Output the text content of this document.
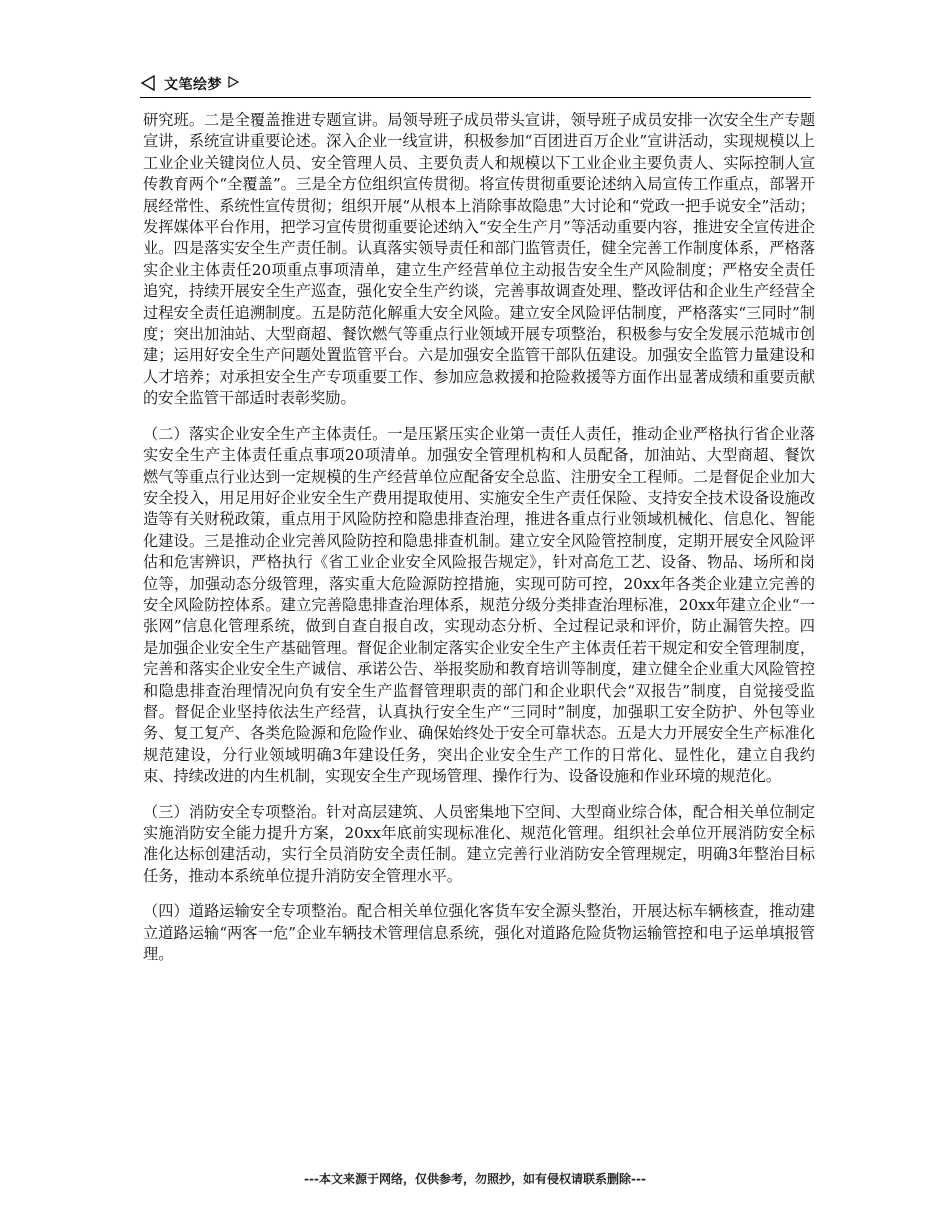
文笔绘梦

研究班。二是全覆盖推进专题宣讲。局领导班子成员带头宣讲，领导班子成员安排一次安全生产专题宣讲，系统宣讲重要论述。深入企业一线宣讲，积极参加“百团进百万企业”宣讲活动，实现规模以上工业企业关键岗位人员、安全管理人员、主要负责人和规模以下工业企业主要负责人、实际控制人宣传教育两个“全覆盖”。三是全方位组织宣传贯彻。将宣传贯彻重要论述纳入局宣传工作重点，部署开展经常性、系统性宣传贯彻；组织开展“从根本上消除事故隐患”大讨论和“党政一把手说安全”活动；发挥媒体平台作用，把学习宣传贯彻重要论述纳入“安全生产月”等活动重要内容，推进安全宣传进企业。四是落实安全生产责任制。认真落实领导责任和部门监管责任，健全完善工作制度体系，严格落实企业主体责任20项重点事项清单，建立生产经营单位主动报告安全生产风险制度；严格安全责任追究，持续开展安全生产巡查，强化安全生产约谈，完善事故调查处理、整改评估和企业生产经营全过程安全责任追溯制度。五是防范化解重大安全风险。建立安全风险评估制度，严格落实“三同时”制度；突出加油站、大型商超、餐饮燃气等重点行业领域开展专项整治，积极参与安全发展示范城市创建；运用好安全生产问题处置监管平台。六是加强安全监管干部队伍建设。加强安全监管力量建设和人才培养；对承担安全生产专项重要工作、参加应急救援和抢险救援等方面作出显著成绩和重要贡献的安全监管干部适时表彰奖励。

（二）落实企业安全生产主体责任。一是压紧压实企业第一责任人责任，推动企业严格执行省企业落实安全生产主体责任重点事项20项清单。加强安全管理机构和人员配备，加油站、大型商超、餐饮燃气等重点行业达到一定规模的生产经营单位应配备安全总监、注册安全工程师。二是督促企业加大安全投入，用足用好企业安全生产费用提取使用、实施安全生产责任保险、支持安全技术设备设施改造等有关财税政策，重点用于风险防控和隐患排查治理，推进各重点行业领域机械化、信息化、智能化建设。三是推动企业完善风险防控和隐患排查机制。建立安全风险管控制度，定期开展安全风险评估和危害辨识，严格执行《省工业企业安全风险报告规定》，针对高危工艺、设备、物品、场所和岗位等，加强动态分级管理，落实重大危险源防控措施，实现可防可控，20xx年各类企业建立完善的安全风险防控体系。建立完善隐患排查治理体系，规范分级分类排查治理标准，20xx年建立企业“一张网”信息化管理系统，做到自查自报自改，实现动态分析、全过程记录和评价，防止漏管失控。四是加强企业安全生产基础管理。督促企业制定落实企业安全生产主体责任若干规定和安全管理制度，完善和落实企业安全生产诚信、承诺公告、举报奖励和教育培训等制度，建立健全企业重大风险管控和隐患排查治理情况向负有安全生产监督管理职责的部门和企业职代会“双报告”制度，自觉接受监督。督促企业坚持依法生产经营，认真执行安全生产“三同时”制度，加强职工安全防护、外包等业务、复工复产、各类危险源和危险作业、确保始终处于安全可靠状态。五是大力开展安全生产标准化规范建设，分行业领域明确3年建设任务，突出企业安全生产工作的日常化、显性化，建立自我约束、持续改进的内生机制，实现安全生产现场管理、操作行为、设备设施和作业环境的规范化。

（三）消防安全专项整治。针对高层建筑、人员密集地下空间、大型商业综合体，配合相关单位制定实施消防安全能力提升方案，20xx年底前实现标准化、规范化管理。组织社会单位开展消防安全标准化达标创建活动，实行全员消防安全责任制。建立完善行业消防安全管理规定，明确3年整治目标任务，推动本系统单位提升消防安全管理水平。

（四）道路运输安全专项整治。配合相关单位强化客货车安全源头整治，开展达标车辆核查，推动建立道路运输“两客一危”企业车辆技术管理信息系统，强化对道路危险货物运输管控和电子运单填报管理。

---本文来源于网络，仅供参考，勿照抄，如有侵权请联系删除---
